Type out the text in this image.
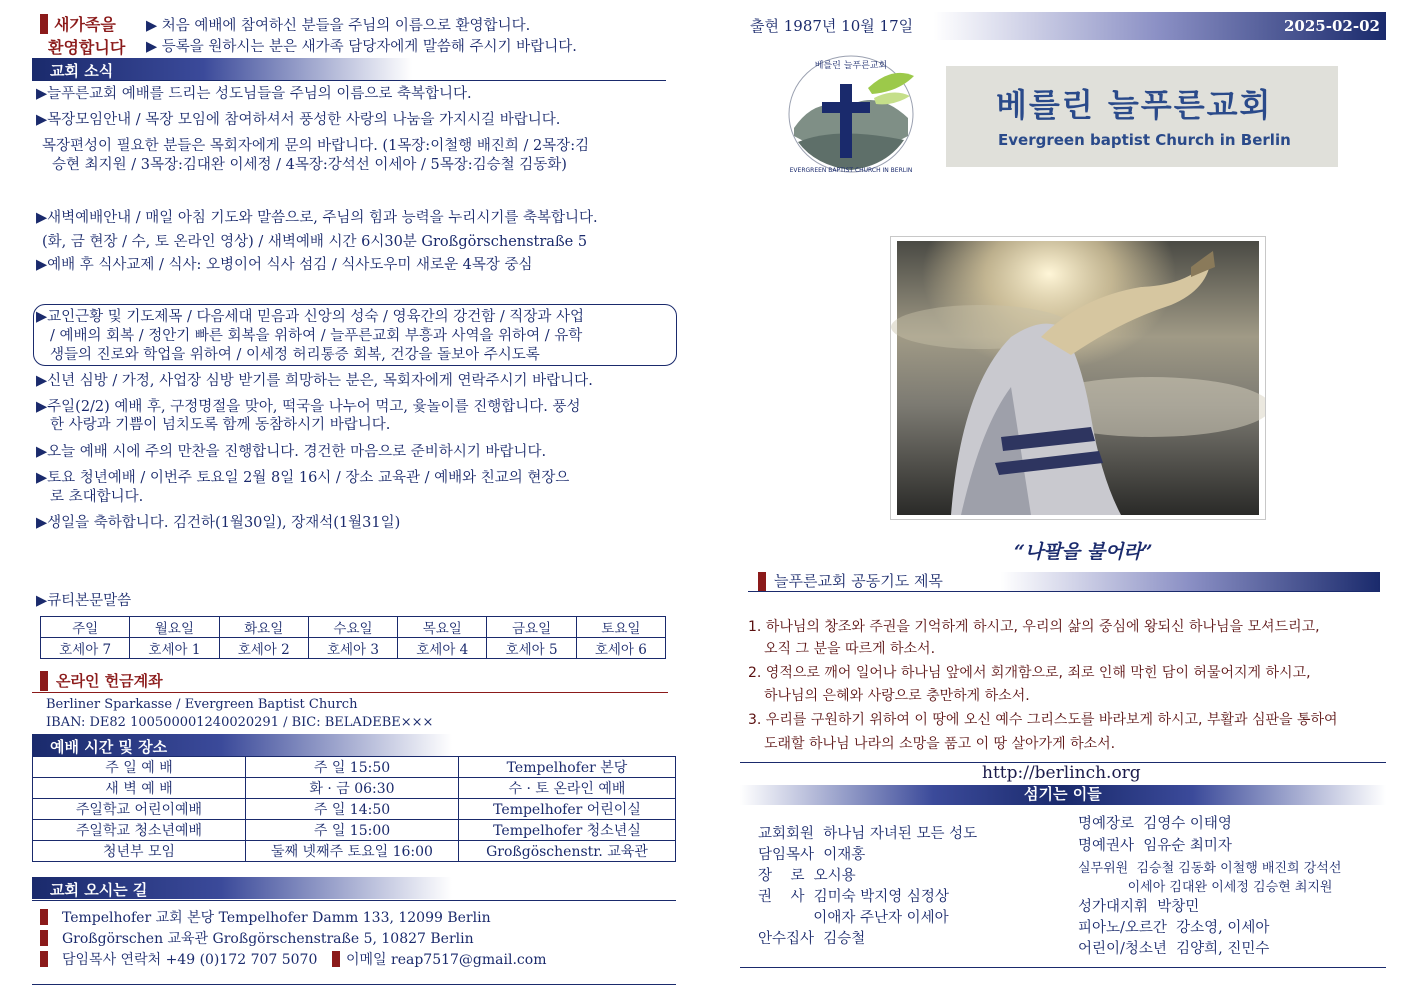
새가족을
환영합니다
▶ 처음 예배에 참여하신 분들을 주님의 이름으로 환영합니다.
▶ 등록을 원하시는 분은 새가족 담당자에게 말씀해 주시기 바랍니다.
교회 소식
▶늘푸른교회 예배를 드리는 성도님들을 주님의 이름으로 축복합니다.
▶목장모임안내 / 목장 모임에 참여하셔서 풍성한 사랑의 나눔을 가지시길 바랍니다.
목장편성이 필요한 분들은 목회자에게 문의 바랍니다. (1목장:이철행 배진희 / 2목장:김
승현 최지원 / 3목장:김대완 이세정 / 4목장:강석선 이세아 / 5목장:김승철 김동화)
▶새벽예배안내 / 매일 아침 기도와 말씀으로, 주님의 힘과 능력을 누리시기를 축복합니다.
(화, 금 현장 / 수, 토 온라인 영상) / 새벽예배 시간 6시30분 Großgörschenstraße 5
▶예배 후 식사교제 / 식사: 오병이어 식사 섬김 / 식사도우미 새로운 4목장 중심
▶교인근황 및 기도제목 / 다음세대 믿음과 신앙의 성숙 / 영육간의 강건함 / 직장과 사업
/ 예배의 회복 / 정안기 빠른 회복을 위하여 / 늘푸른교회 부흥과 사역을 위하여 / 유학
생들의 진로와 학업을 위하여 / 이세정 허리통증 회복, 건강을 돌보아 주시도록
▶신년 심방 / 가정, 사업장 심방 받기를 희망하는 분은, 목회자에게 연락주시기 바랍니다.
▶주일(2/2) 예배 후, 구정명절을 맞아, 떡국을 나누어 먹고, 윷놀이를 진행합니다. 풍성
한 사랑과 기쁨이 넘치도록 함께 동참하시기 바랍니다.
▶오늘 예배 시에 주의 만찬을 진행합니다. 경건한 마음으로 준비하시기 바랍니다.
▶토요 청년예배 / 이번주 토요일 2월 8일 16시 / 장소 교육관 / 예배와 친교의 현장으
로 초대합니다.
▶생일을 축하합니다. 김건하(1월30일), 장재석(1월31일)
▶큐티본문말씀
주일	월요일	화요일	수요일	목요일	금요일	토요일
호세아 7	호세아 1	호세아 2	호세아 3	호세아 4	호세아 5	호세아 6
온라인 헌금계좌
Berliner Sparkasse / Evergreen Baptist Church
IBAN: DE82 100500001240020291 / BIC: BELADEBE×××
예배 시간 및 장소
주 일 예 배	주 일 15:50	Tempelhofer 본당
새 벽 예 배	화 · 금 06:30	수 · 토 온라인 예배
주일학교 어린이예배	주 일 14:50	Tempelhofer 어린이실
주일학교 청소년예배	주 일 15:00	Tempelhofer 청소년실
청년부 모임	둘째 넷째주 토요일 16:00	Großgöschenstr. 교육관
교회 오시는 길
Tempelhofer 교회 본당 Tempelhofer Damm 133, 12099 Berlin
Großgörschen 교육관 Großgörschenstraße 5, 10827 Berlin
담임목사 연락처 +49 (0)172 707 5070 이메일 reap7517@gmail.com
출현 1987년 10월 17일	2025-02-02
베를린 늘푸른교회
EVERGREEN BAPTIST CHURCH IN BERLIN
베를린 늘푸른교회
Evergreen baptist Church in Berlin
“나팔을 불어라”
늘푸른교회 공동기도 제목
1. 하나님의 창조와 주권을 기억하게 하시고, 우리의 삶의 중심에 왕되신 하나님을 모셔드리고,
오직 그 분을 따르게 하소서.
2. 영적으로 깨어 일어나 하나님 앞에서 회개함으로, 죄로 인해 막힌 담이 허물어지게 하시고,
하나님의 은혜와 사랑으로 충만하게 하소서.
3. 우리를 구원하기 위하여 이 땅에 오신 예수 그리스도를 바라보게 하시고, 부활과 심판을 통하여
도래할 하나님 나라의 소망을 품고 이 땅 살아가게 하소서.
http://berlinch.org
섬기는 이들
교회회원  하나님 자녀된 모든 성도
담임목사  이재홍
장    로  오시용
권    사  김미숙 박지영 심정상
이애자 주난자 이세아
안수집사  김승철
명예장로  김영수 이태영
명예권사  임유순 최미자
실무위원  김승철 김동화 이철행 배진희 강석선
이세아 김대완 이세정 김승현 최지원
성가대지휘  박창민
피아노/오르간  강소영, 이세아
어린이/청소년  김양희, 진민수
